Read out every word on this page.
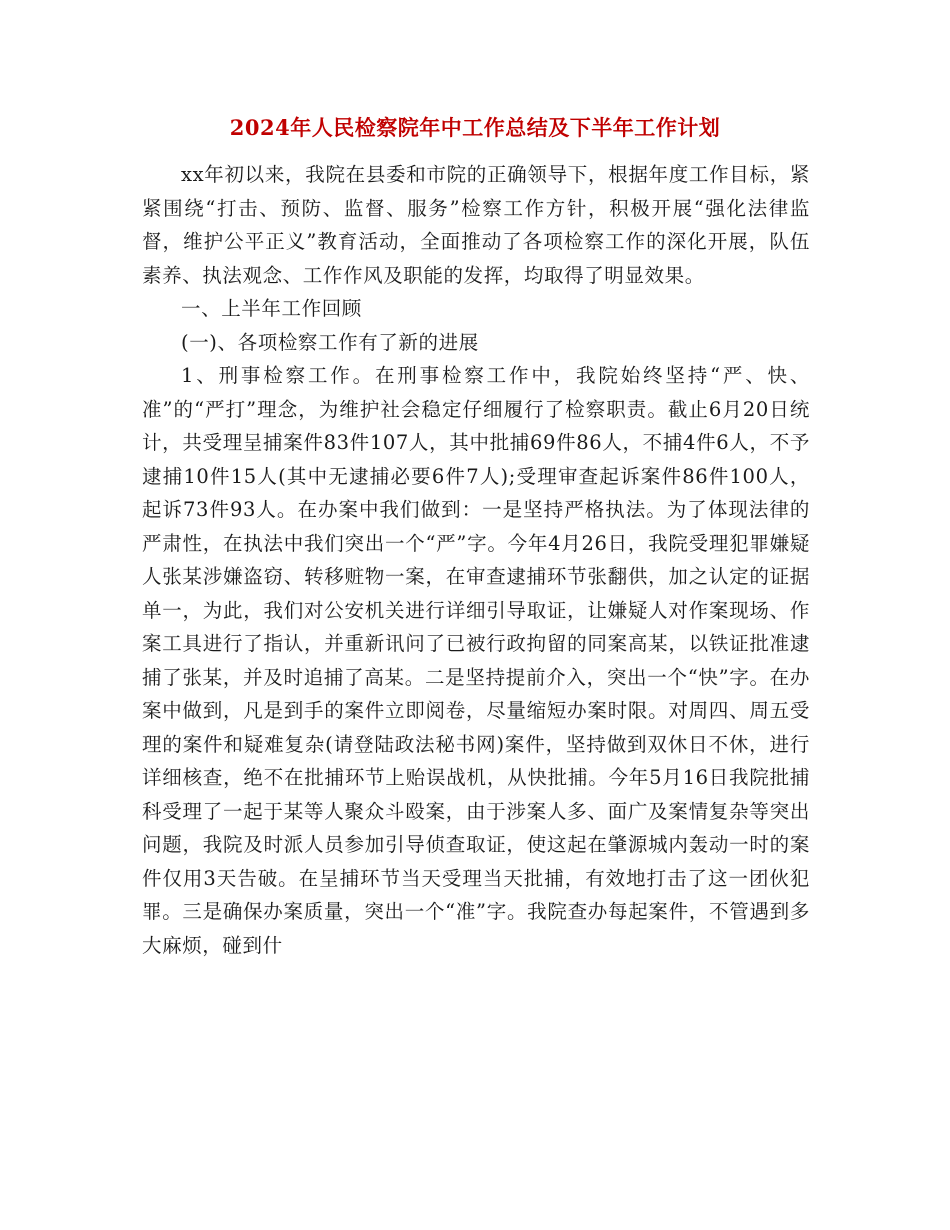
2024年人民检察院年中工作总结及下半年工作计划

xx年初以来，我院在县委和市院的正确领导下，根据年度工作目标，紧紧围绕“打击、预防、监督、服务”检察工作方针，积极开展“强化法律监督，维护公平正义”教育活动，全面推动了各项检察工作的深化开展，队伍素养、执法观念、工作作风及职能的发挥，均取得了明显效果。

一、上半年工作回顾

(一)、各项检察工作有了新的进展

1、刑事检察工作。在刑事检察工作中，我院始终坚持“严、快、准”的“严打”理念，为维护社会稳定仔细履行了检察职责。截止6月20日统计，共受理呈捕案件83件107人，其中批捕69件86人，不捕4件6人，不予逮捕10件15人(其中无逮捕必要6件7人);受理审查起诉案件86件100人，起诉73件93人。在办案中我们做到：一是坚持严格执法。为了体现法律的严肃性，在执法中我们突出一个“严”字。今年4月26日，我院受理犯罪嫌疑人张某涉嫌盗窃、转移赃物一案，在审查逮捕环节张翻供，加之认定的证据单一，为此，我们对公安机关进行详细引导取证，让嫌疑人对作案现场、作案工具进行了指认，并重新讯问了已被行政拘留的同案高某，以铁证批准逮捕了张某，并及时追捕了高某。二是坚持提前介入，突出一个“快”字。在办案中做到，凡是到手的案件立即阅卷，尽量缩短办案时限。对周四、周五受理的案件和疑难复杂(请登陆政法秘书网)案件，坚持做到双休日不休，进行详细核查，绝不在批捕环节上贻误战机，从快批捕。今年5月16日我院批捕科受理了一起于某等人聚众斗殴案，由于涉案人多、面广及案情复杂等突出问题，我院及时派人员参加引导侦查取证，使这起在肇源城内轰动一时的案件仅用3天告破。在呈捕环节当天受理当天批捕，有效地打击了这一团伙犯罪。三是确保办案质量，突出一个“准”字。我院查办每起案件，不管遇到多大麻烦，碰到什
